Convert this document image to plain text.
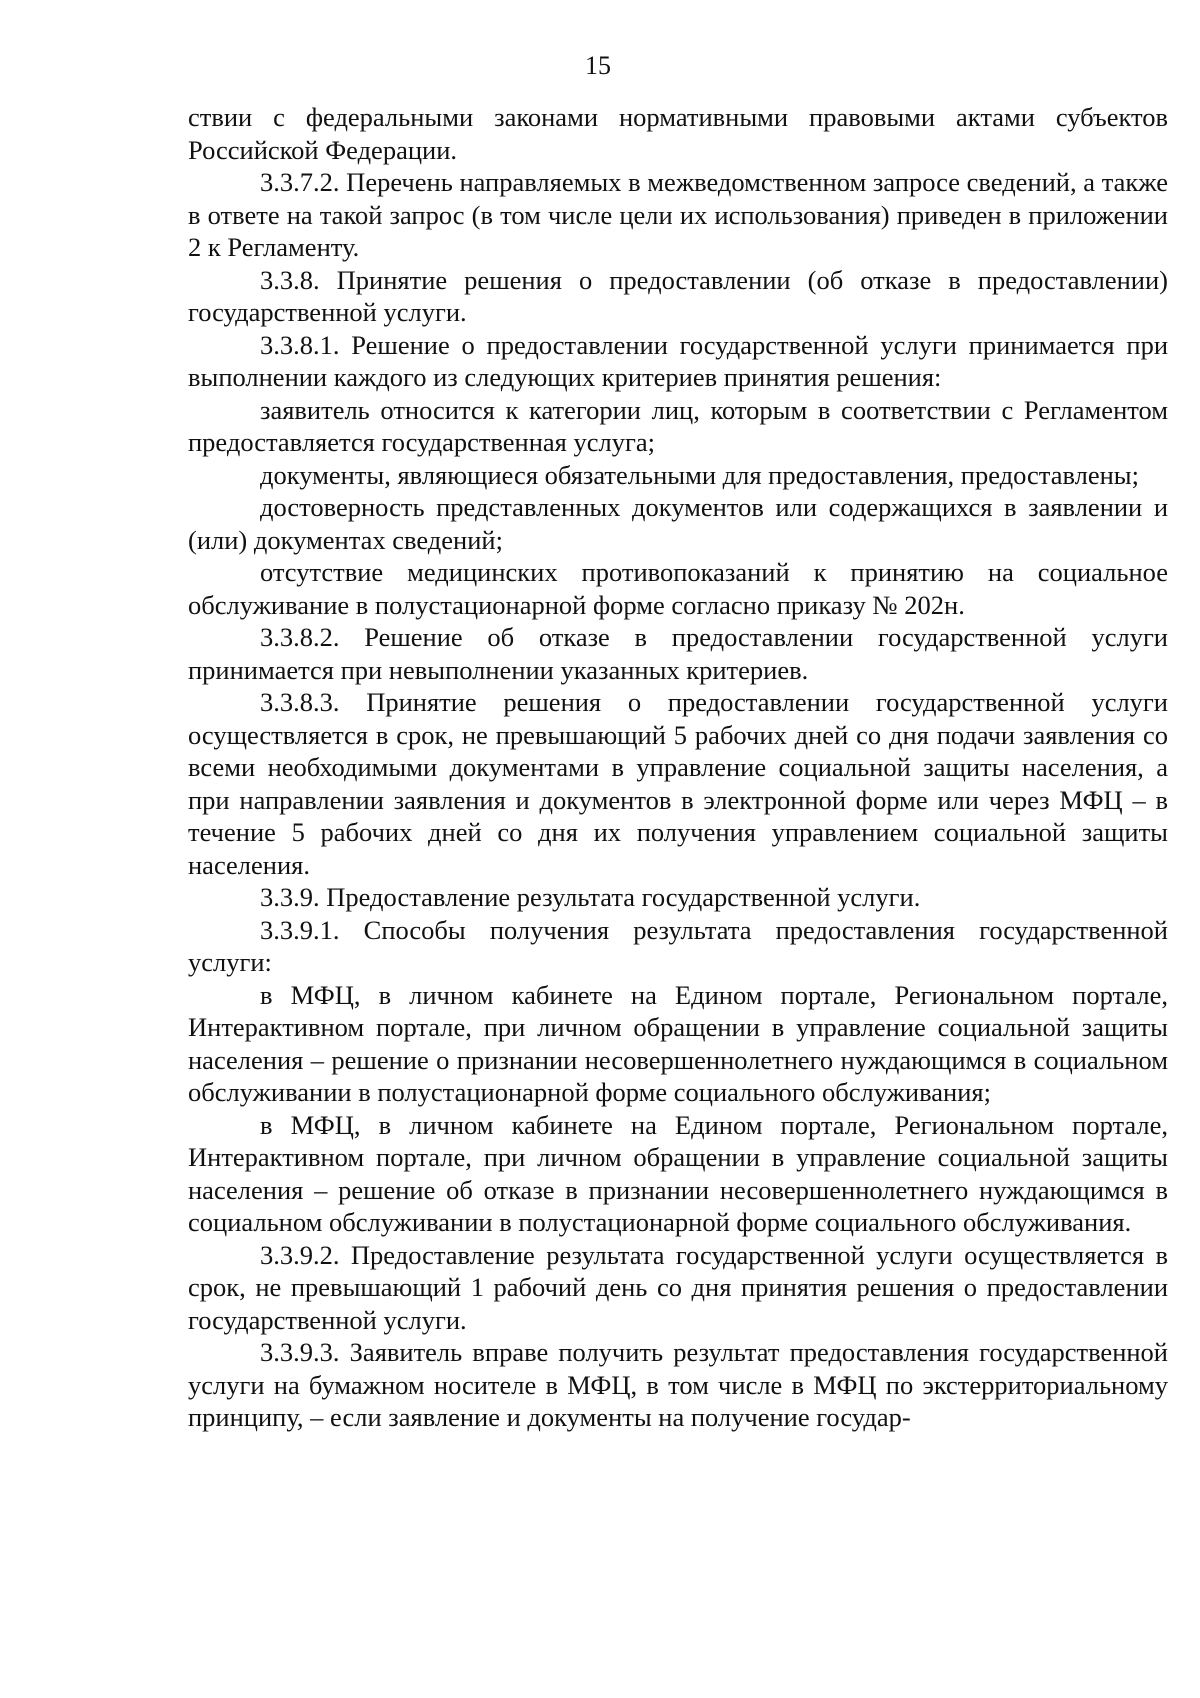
15

ствии с федеральными законами нормативными правовыми актами субъектов Российской Федерации.

3.3.7.2. Перечень направляемых в межведомственном запросе сведений, а также в ответе на такой запрос (в том числе цели их использования) приведен в приложении 2 к Регламенту.

3.3.8. Принятие решения о предоставлении (об отказе в предоставлении) государственной услуги.

3.3.8.1. Решение о предоставлении государственной услуги принимается при выполнении каждого из следующих критериев принятия решения:

заявитель относится к категории лиц, которым в соответствии с Регламентом предоставляется государственная услуга;

документы, являющиеся обязательными для предоставления, предоставлены;

достоверность представленных документов или содержащихся в заявлении и (или) документах сведений;

отсутствие медицинских противопоказаний к принятию на социальное обслуживание в полустационарной форме согласно приказу № 202н.

3.3.8.2. Решение об отказе в предоставлении государственной услуги принимается при невыполнении указанных критериев.

3.3.8.3. Принятие решения о предоставлении государственной услуги осуществляется в срок, не превышающий 5 рабочих дней со дня подачи заявления со всеми необходимыми документами в управление социальной защиты населения, а при направлении заявления и документов в электронной форме или через МФЦ – в течение 5 рабочих дней со дня их получения управлением социальной защиты населения.

3.3.9. Предоставление результата государственной услуги.

3.3.9.1. Способы получения результата предоставления государственной услуги:

в МФЦ, в личном кабинете на Едином портале, Региональном портале, Интерактивном портале, при личном обращении в управление социальной защиты населения – решение о признании несовершеннолетнего нуждающимся в социальном обслуживании в полустационарной форме социального обслуживания;

в МФЦ, в личном кабинете на Едином портале, Региональном портале, Интерактивном портале, при личном обращении в управление социальной защиты населения – решение об отказе в признании несовершеннолетнего нуждающимся в социальном обслуживании в полустационарной форме социального обслуживания.

3.3.9.2. Предоставление результата государственной услуги осуществляется в срок, не превышающий 1 рабочий день со дня принятия решения о предоставлении государственной услуги.

3.3.9.3. Заявитель вправе получить результат предоставления государственной услуги на бумажном носителе в МФЦ, в том числе в МФЦ по экстерриториальному принципу, – если заявление и документы на получение государ-
